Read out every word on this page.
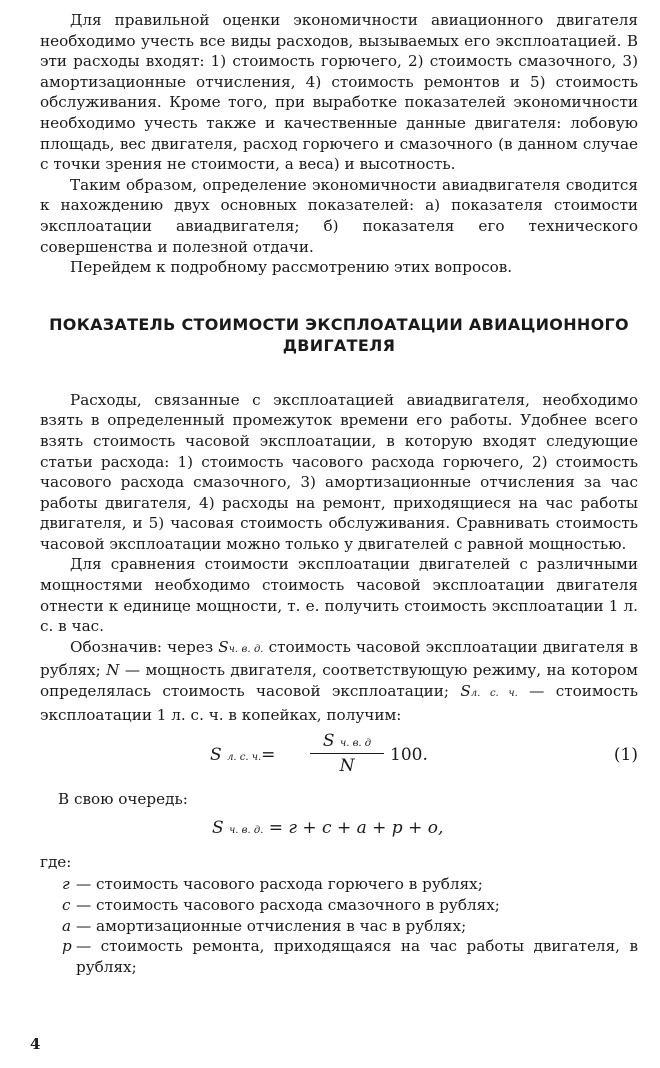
Для правильной оценки экономичности авиационного двигателя необходимо учесть все виды расходов, вызываемых его эксплоатацией. В эти расходы входят: 1) стоимость горючего, 2) стоимость смазочного, 3) амортизационные отчисления, 4) стоимость ремонтов и 5) стоимость обслуживания. Кроме того, при выработке показателей экономичности необходимо учесть также и качественные данные двигателя: лобовую площадь, вес двигателя, расход горючего и смазочного (в данном случае с точки зрения не стоимости, а веса) и высотность.

Таким образом, определение экономичности авиадвигателя сводится к нахождению двух основных показателей: а) показателя стоимости эксплоатации авиадвигателя; б) показателя его технического совершенства и полезной отдачи.

Перейдем к подробному рассмотрению этих вопросов.

ПОКАЗАТЕЛЬ СТОИМОСТИ ЭКСПЛОАТАЦИИ АВИАЦИОННОГО ДВИГАТЕЛЯ

Расходы, связанные с эксплоатацией авиадвигателя, необходимо взять в определенный промежуток времени его работы. Удобнее всего взять стоимость часовой эксплоатации, в которую входят следующие статьи расхода: 1) стоимость часового расхода горючего, 2) стоимость часового расхода смазочного, 3) амортизационные отчисления за час работы двигателя, 4) расходы на ремонт, приходящиеся на час работы двигателя, и 5) часовая стоимость обслуживания. Сравнивать стоимость часовой эксплоатации можно только у двигателей с равной мощностью.

Для сравнения стоимости эксплоатации двигателей с различными мощностями необходимо стоимость часовой эксплоатации двигателя отнести к единице мощности, т. е. получить стоимость эксплоатации 1 л. с. в час.

Обозначив: через Sч. в. д. стоимость часовой эксплоатации двигателя в рублях; N — мощность двигателя, соответствующую режиму, на котором определялась стоимость часовой эксплоатации; Sл. с. ч. — стоимость эксплоатации 1 л. с. ч. в копейках, получим:

S л. с. ч.=
S ч. в. д
N
100.	(1)

В свою очередь:

S ч. в. д. = г + с + а + р + о,

где:

г — стоимость часового расхода горючего в рублях;
с — стоимость часового расхода смазочного в рублях;
а — амортизационные отчисления в час в рублях;
р — стоимость ремонта, приходящаяся на час работы двигателя, в рублях;
4
